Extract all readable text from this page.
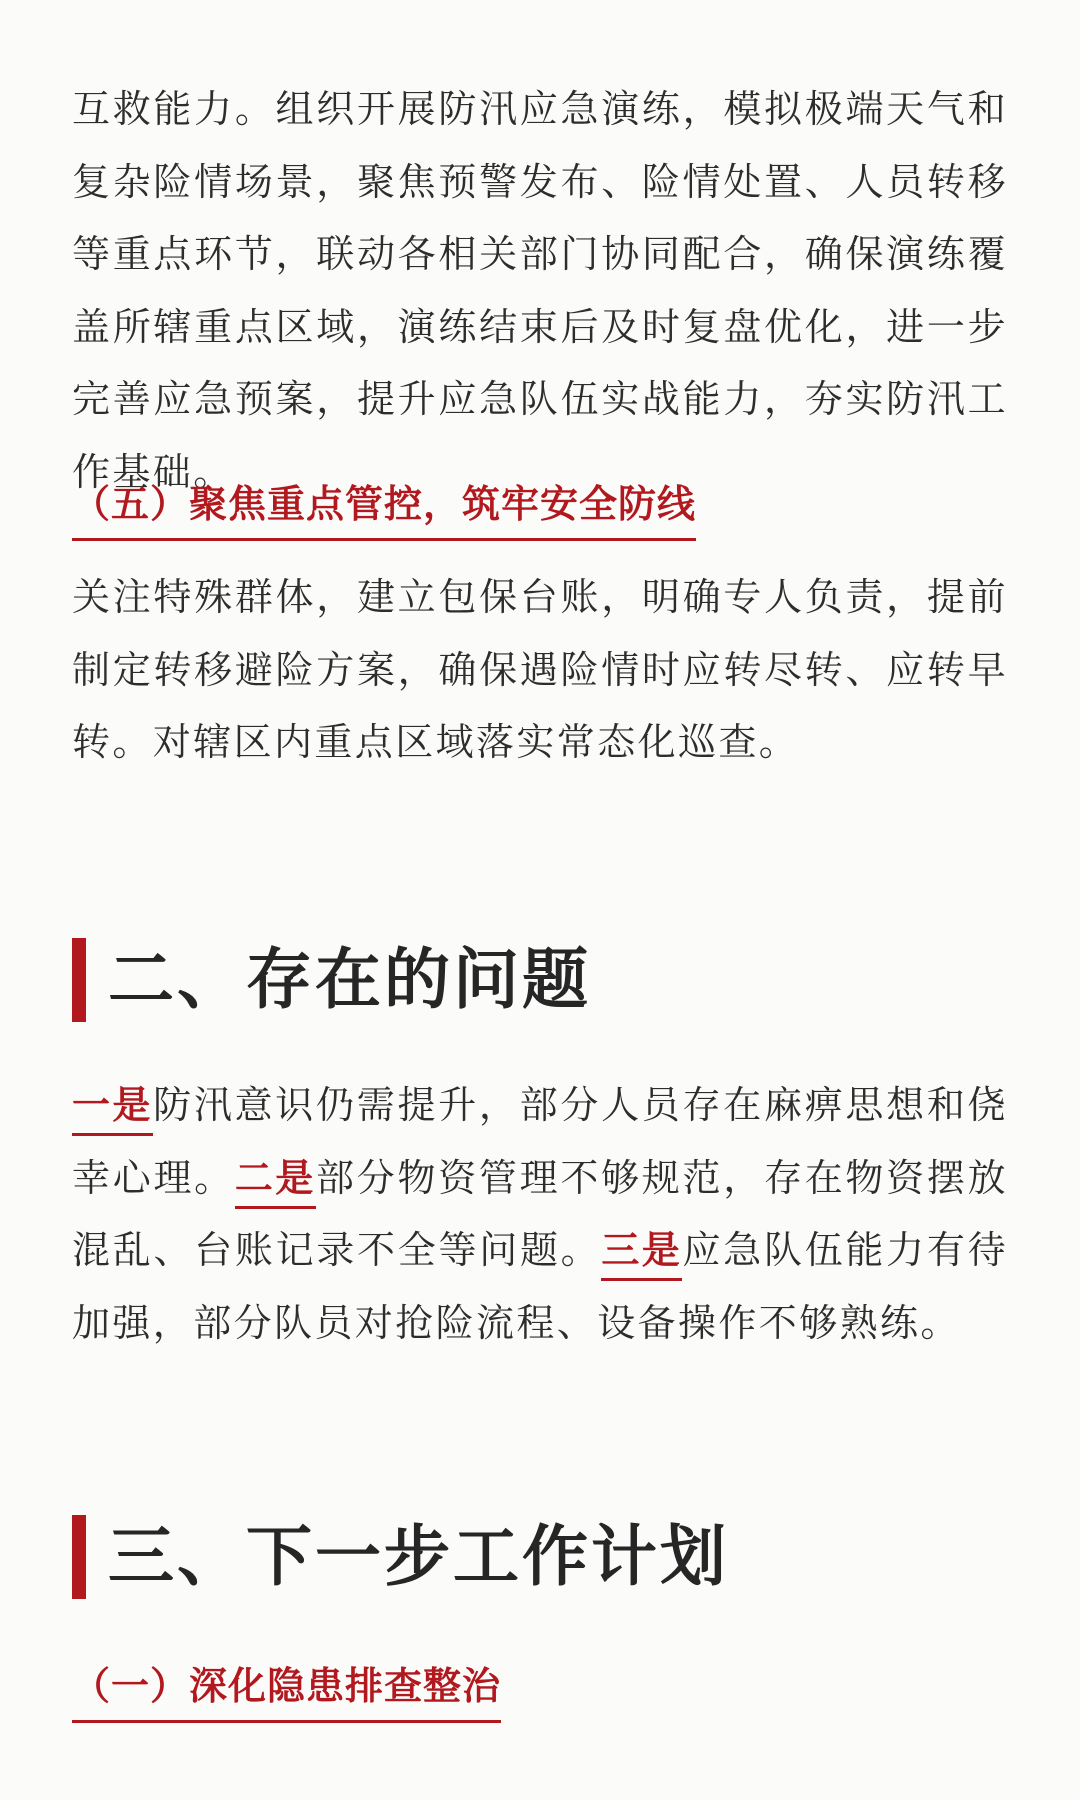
互救能力。组织开展防汛应急演练，模拟极端天气和复杂险情场景，聚焦预警发布、险情处置、人员转移等重点环节，联动各相关部门协同配合，确保演练覆盖所辖重点区域，演练结束后及时复盘优化，进一步完善应急预案，提升应急队伍实战能力，夯实防汛工作基础。

（五）聚焦重点管控，筑牢安全防线

关注特殊群体，建立包保台账，明确专人负责，提前制定转移避险方案，确保遇险情时应转尽转、应转早转。对辖区内重点区域落实常态化巡查。

二、存在的问题

一是防汛意识仍需提升，部分人员存在麻痹思想和侥幸心理。二是部分物资管理不够规范，存在物资摆放混乱、台账记录不全等问题。三是应急队伍能力有待加强，部分队员对抢险流程、设备操作不够熟练。

三、下一步工作计划
（一）深化隐患排查整治
